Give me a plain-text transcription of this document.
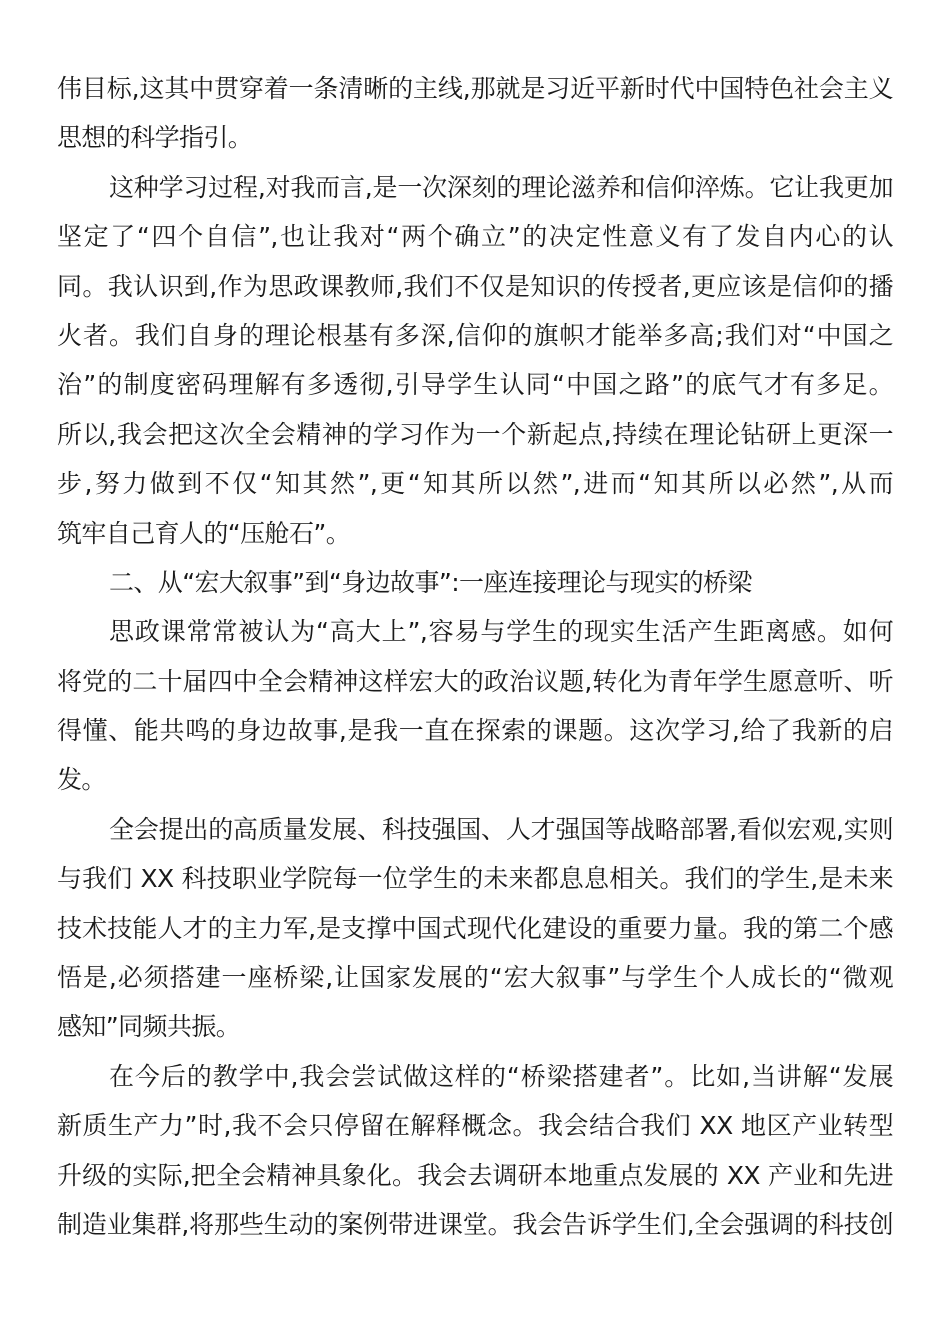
伟目标,这其中贯穿着一条清晰的主线,那就是习近平新时代中国特色社会主义
思想的科学指引。
这种学习过程,对我而言,是一次深刻的理论滋养和信仰淬炼。它让我更加
坚定了“四个自信”,也让我对“两个确立”的决定性意义有了发自内心的认
同。我认识到,作为思政课教师,我们不仅是知识的传授者,更应该是信仰的播
火者。我们自身的理论根基有多深,信仰的旗帜才能举多高;我们对“中国之
治”的制度密码理解有多透彻,引导学生认同“中国之路”的底气才有多足。
所以,我会把这次全会精神的学习作为一个新起点,持续在理论钻研上更深一
步,努力做到不仅“知其然”,更“知其所以然”,进而“知其所以必然”,从而
筑牢自己育人的“压舱石”。
二、从“宏大叙事”到“身边故事”:一座连接理论与现实的桥梁
思政课常常被认为“高大上”,容易与学生的现实生活产生距离感。如何
将党的二十届四中全会精神这样宏大的政治议题,转化为青年学生愿意听、听
得懂、能共鸣的身边故事,是我一直在探索的课题。这次学习,给了我新的启
发。
全会提出的高质量发展、科技强国、人才强国等战略部署,看似宏观,实则
与我们 XX 科技职业学院每一位学生的未来都息息相关。我们的学生,是未来
技术技能人才的主力军,是支撑中国式现代化建设的重要力量。我的第二个感
悟是,必须搭建一座桥梁,让国家发展的“宏大叙事”与学生个人成长的“微观
感知”同频共振。
在今后的教学中,我会尝试做这样的“桥梁搭建者”。比如,当讲解“发展
新质生产力”时,我不会只停留在解释概念。我会结合我们 XX 地区产业转型
升级的实际,把全会精神具象化。我会去调研本地重点发展的 XX 产业和先进
制造业集群,将那些生动的案例带进课堂。我会告诉学生们,全会强调的科技创
